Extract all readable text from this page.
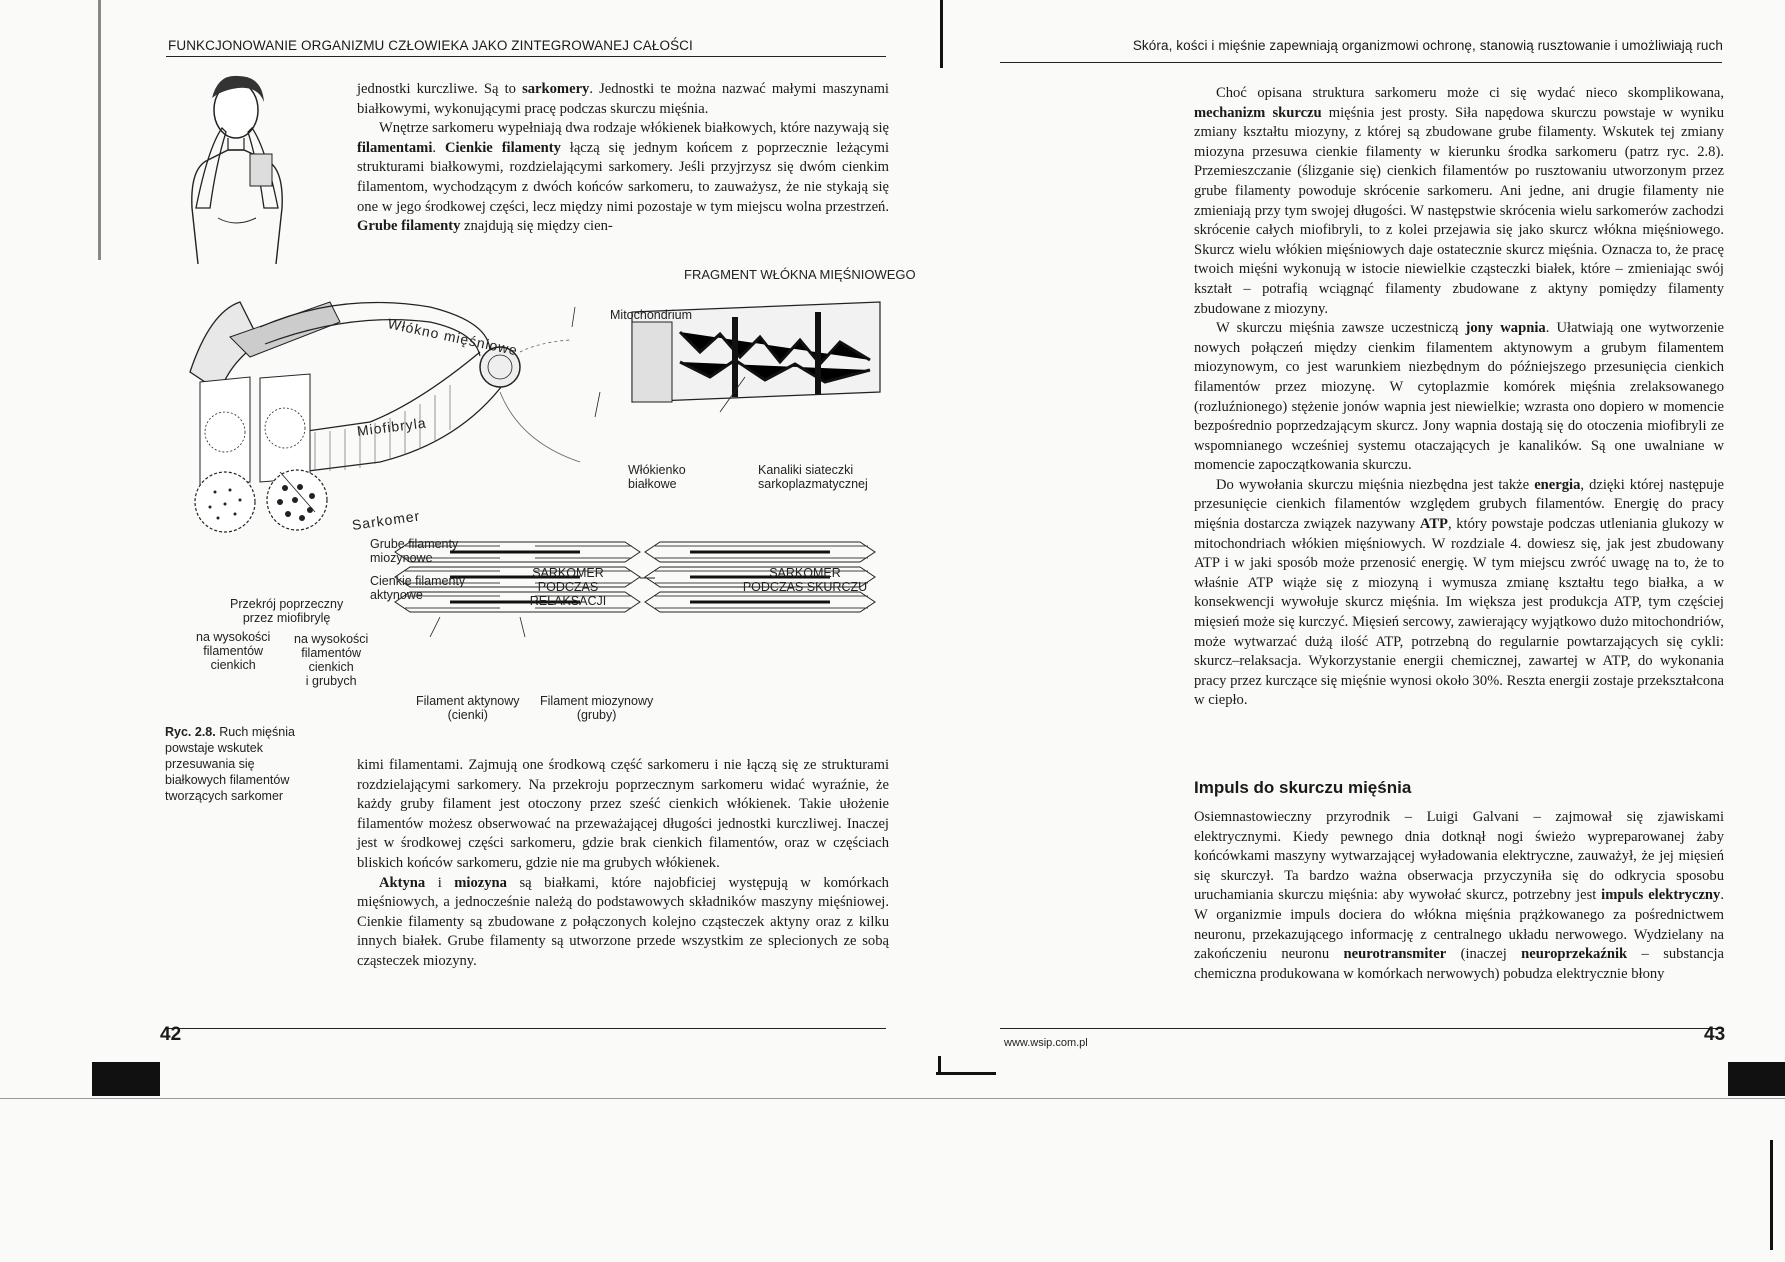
FUNKCJONOWANIE ORGANIZMU CZŁOWIEKA JAKO ZINTEGROWANEJ CAŁOŚCI

jednostki kurczliwe. Są to sarkomery. Jednostki te można nazwać małymi maszynami białkowymi, wykonującymi pracę podczas skurczu mięśnia.

Wnętrze sarkomeru wypełniają dwa rodzaje włókienek białkowych, które nazywają się filamentami. Cienkie filamenty łączą się jednym końcem z poprzecznie leżącymi strukturami białkowymi, rozdzielającymi sarkomery. Jeśli przyjrzysz się dwóm cienkim filamentom, wychodzącym z dwóch końców sarkomeru, to zauważysz, że nie stykają się one w jego środkowej części, lecz między nimi pozostaje w tym miejscu wolna przestrzeń. Grube filamenty znajdują się między cien-

FRAGMENT WŁÓKNA MIĘŚNIOWEGO
Włókno mięśniowe
Miofibryla
Sarkomer
Mitochondrium
Włókienko
białkowe
Kanaliki siateczki
sarkoplazmatycznej
Grube filamenty
miozynowe
Cienkie filamenty
aktynowe
Przekrój poprzeczny
przez miofibrylę
na wysokości
filamentów
cienkich
na wysokości
filamentów
cienkich
i grubych
SARKOMER
PODCZAS RELAKSACJI
SARKOMER
PODCZAS SKURCZU
Filament aktynowy
(cienki)
Filament miozynowy
(gruby)
Ryc. 2.8. Ruch mięśnia powstaje wskutek przesuwania się białkowych filamentów tworzących sarkomer

kimi filamentami. Zajmują one środkową część sarkomeru i nie łączą się ze strukturami rozdzielającymi sarkomery. Na przekroju poprzecznym sarkomeru widać wyraźnie, że każdy gruby filament jest otoczony przez sześć cienkich włókienek. Takie ułożenie filamentów możesz obserwować na przeważającej długości jednostki kurczliwej. Inaczej jest w środkowej części sarkomeru, gdzie brak cienkich filamentów, oraz w częściach bliskich końców sarkomeru, gdzie nie ma grubych włókienek.

Aktyna i miozyna są białkami, które najobficiej występują w komórkach mięśniowych, a jednocześnie należą do podstawowych składników maszyny mięśniowej. Cienkie filamenty są zbudowane z połączonych kolejno cząsteczek aktyny oraz z kilku innych białek. Grube filamenty są utworzone przede wszystkim ze splecionych ze sobą cząsteczek miozyny.

42
Skóra, kości i mięśnie zapewniają organizmowi ochronę, stanowią rusztowanie i umożliwiają ruch

Choć opisana struktura sarkomeru może ci się wydać nieco skomplikowana, mechanizm skurczu mięśnia jest prosty. Siła napędowa skurczu powstaje w wyniku zmiany kształtu miozyny, z której są zbudowane grube filamenty. Wskutek tej zmiany miozyna przesuwa cienkie filamenty w kierunku środka sarkomeru (patrz ryc. 2.8). Przemieszczanie (ślizganie się) cienkich filamentów po rusztowaniu utworzonym przez grube filamenty powoduje skrócenie sarkomeru. Ani jedne, ani drugie filamenty nie zmieniają przy tym swojej długości. W następstwie skrócenia wielu sarkomerów zachodzi skrócenie całych miofibryli, to z kolei przejawia się jako skurcz włókna mięśniowego. Skurcz wielu włókien mięśniowych daje ostatecznie skurcz mięśnia. Oznacza to, że pracę twoich mięśni wykonują w istocie niewielkie cząsteczki białek, które – zmieniając swój kształt – potrafią wciągnąć filamenty zbudowane z aktyny pomiędzy filamenty zbudowane z miozyny.

W skurczu mięśnia zawsze uczestniczą jony wapnia. Ułatwiają one wytworzenie nowych połączeń między cienkim filamentem aktynowym a grubym filamentem miozynowym, co jest warunkiem niezbędnym do późniejszego przesunięcia cienkich filamentów przez miozynę. W cytoplazmie komórek mięśnia zrelaksowanego (rozluźnionego) stężenie jonów wapnia jest niewielkie; wzrasta ono dopiero w momencie bezpośrednio poprzedzającym skurcz. Jony wapnia dostają się do otoczenia miofibryli ze wspomnianego wcześniej systemu otaczających je kanalików. Są one uwalniane w momencie zapoczątkowania skurczu.

Do wywołania skurczu mięśnia niezbędna jest także energia, dzięki której następuje przesunięcie cienkich filamentów względem grubych filamentów. Energię do pracy mięśnia dostarcza związek nazywany ATP, który powstaje podczas utleniania glukozy w mitochondriach włókien mięśniowych. W rozdziale 4. dowiesz się, jak jest zbudowany ATP i w jaki sposób może przenosić energię. W tym miejscu zwróć uwagę na to, że to właśnie ATP wiąże się z miozyną i wymusza zmianę kształtu tego białka, a w konsekwencji wywołuje skurcz mięśnia. Im większa jest produkcja ATP, tym częściej mięsień może się kurczyć. Mięsień sercowy, zawierający wyjątkowo dużo mitochondriów, może wytwarzać dużą ilość ATP, potrzebną do regularnie powtarzających się cykli: skurcz–relaksacja. Wykorzystanie energii chemicznej, zawartej w ATP, do wykonania pracy przez kurczące się mięśnie wynosi około 30%. Reszta energii zostaje przekształcona w ciepło.

Impuls do skurczu mięśnia

Osiemnastowieczny przyrodnik – Luigi Galvani – zajmował się zjawiskami elektrycznymi. Kiedy pewnego dnia dotknął nogi świeżo wypreparowanej żaby końcówkami maszyny wytwarzającej wyładowania elektryczne, zauważył, że jej mięsień się skurczył. Ta bardzo ważna obserwacja przyczyniła się do odkrycia sposobu uruchamiania skurczu mięśnia: aby wywołać skurcz, potrzebny jest impuls elektryczny. W organizmie impuls dociera do włókna mięśnia prążkowanego za pośrednictwem neuronu, przekazującego informację z centralnego układu nerwowego. Wydzielany na zakończeniu neuronu neurotransmiter (inaczej neuroprzekaźnik – substancja chemiczna produkowana w komórkach nerwowych) pobudza elektrycznie błony

www.wsip.com.pl	43
